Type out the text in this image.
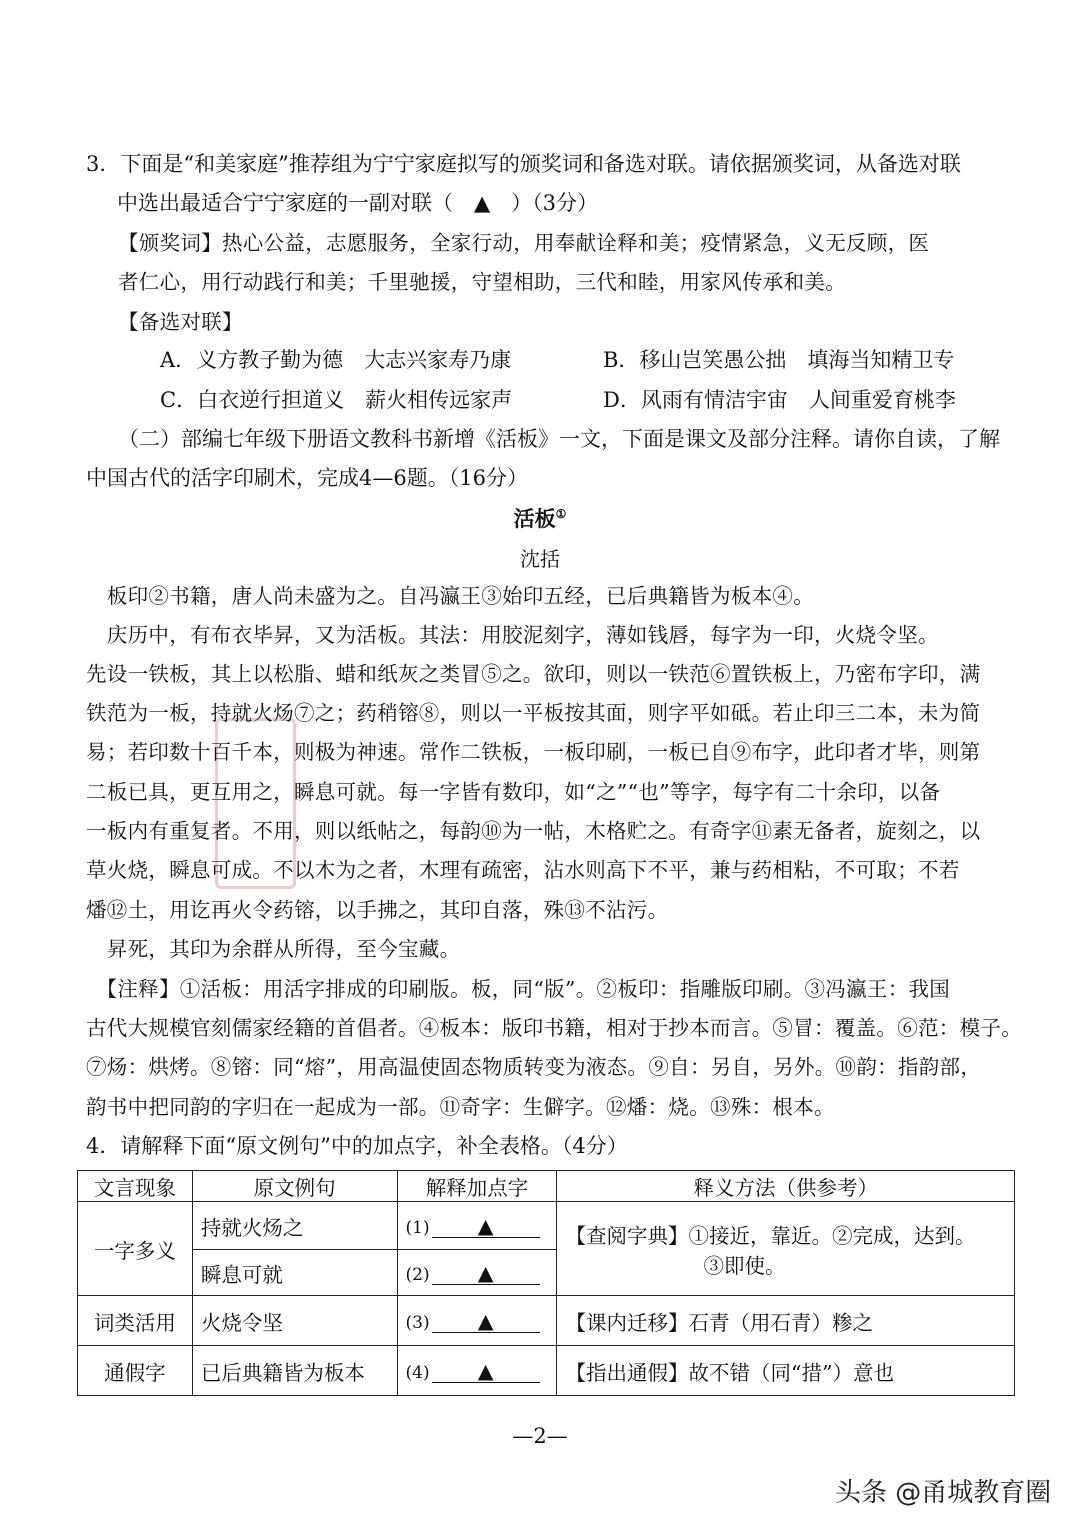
3．下面是“和美家庭”推荐组为宁宁家庭拟写的颁奖词和备选对联。请依据颁奖词，从备选对联
中选出最适合宁宁家庭的一副对联（　▲　）（3分）
【颁奖词】热心公益，志愿服务，全家行动，用奉献诠释和美；疫情紧急，义无反顾，医
者仁心，用行动践行和美；千里驰援，守望相助，三代和睦，用家风传承和美。
【备选对联】
A．义方教子勤为德　大志兴家寿乃康	B．移山岂笑愚公拙　填海当知精卫专
C．白衣逆行担道义　薪火相传远家声	D．风雨有情洁宇宙　人间重爱育桃李
（二）部编七年级下册语文教科书新增《活板》一文，下面是课文及部分注释。请你自读，了解
中国古代的活字印刷术，完成4—6题。（16分）
活板①
沈括
　板印②书籍，唐人尚未盛为之。自冯瀛王③始印五经，已后典籍皆为板本④。
　庆历中，有布衣毕昇，又为活板。其法：用胶泥刻字，薄如钱唇，每字为一印，火烧令坚。
先设一铁板，其上以松脂、蜡和纸灰之类冒⑤之。欲印，则以一铁范⑥置铁板上，乃密布字印，满
铁范为一板，持就火炀⑦之；药稍镕⑧，则以一平板按其面，则字平如砥。若止印三二本，未为简
易；若印数十百千本，则极为神速。常作二铁板，一板印刷，一板已自⑨布字，此印者才毕，则第
二板已具，更互用之，瞬息可就。每一字皆有数印，如“之”“也”等字，每字有二十余印，以备
一板内有重复者。不用，则以纸帖之，每韵⑩为一帖，木格贮之。有奇字⑪素无备者，旋刻之，以
草火烧，瞬息可成。不以木为之者，木理有疏密，沾水则高下不平，兼与药相粘，不可取；不若
燔⑫土，用讫再火令药镕，以手拂之，其印自落，殊⑬不沾污。
　昇死，其印为余群从所得，至今宝藏。
　【注释】①活板：用活字排成的印刷版。板，同“版”。②板印：指雕版印刷。③冯瀛王：我国
古代大规模官刻儒家经籍的首倡者。④板本：版印书籍，相对于抄本而言。⑤冒：覆盖。⑥范：模子。
⑦炀：烘烤。⑧镕：同“熔”，用高温使固态物质转变为液态。⑨自：另自，另外。⑩韵：指韵部，
韵书中把同韵的字归在一起成为一部。⑪奇字：生僻字。⑫燔：烧。⑬殊：根本。
4．请解释下面“原文例句”中的加点字，补全表格。（4分）
文言现象	原文例句	解释加点字	释义方法（供参考）
一字多义	持就火炀之	(1) ▲	【查阅字典】①接近，靠近。②完成，达到。
③即使。

	瞬息可就	(2) ▲	
词类活用	火烧令坚	(3) ▲	【课内迁移】石青（用石青）糁之
通假字	已后典籍皆为板本	(4) ▲	【指出通假】故不错（同“措”）意也
—2—
头条 @甬城教育圈
